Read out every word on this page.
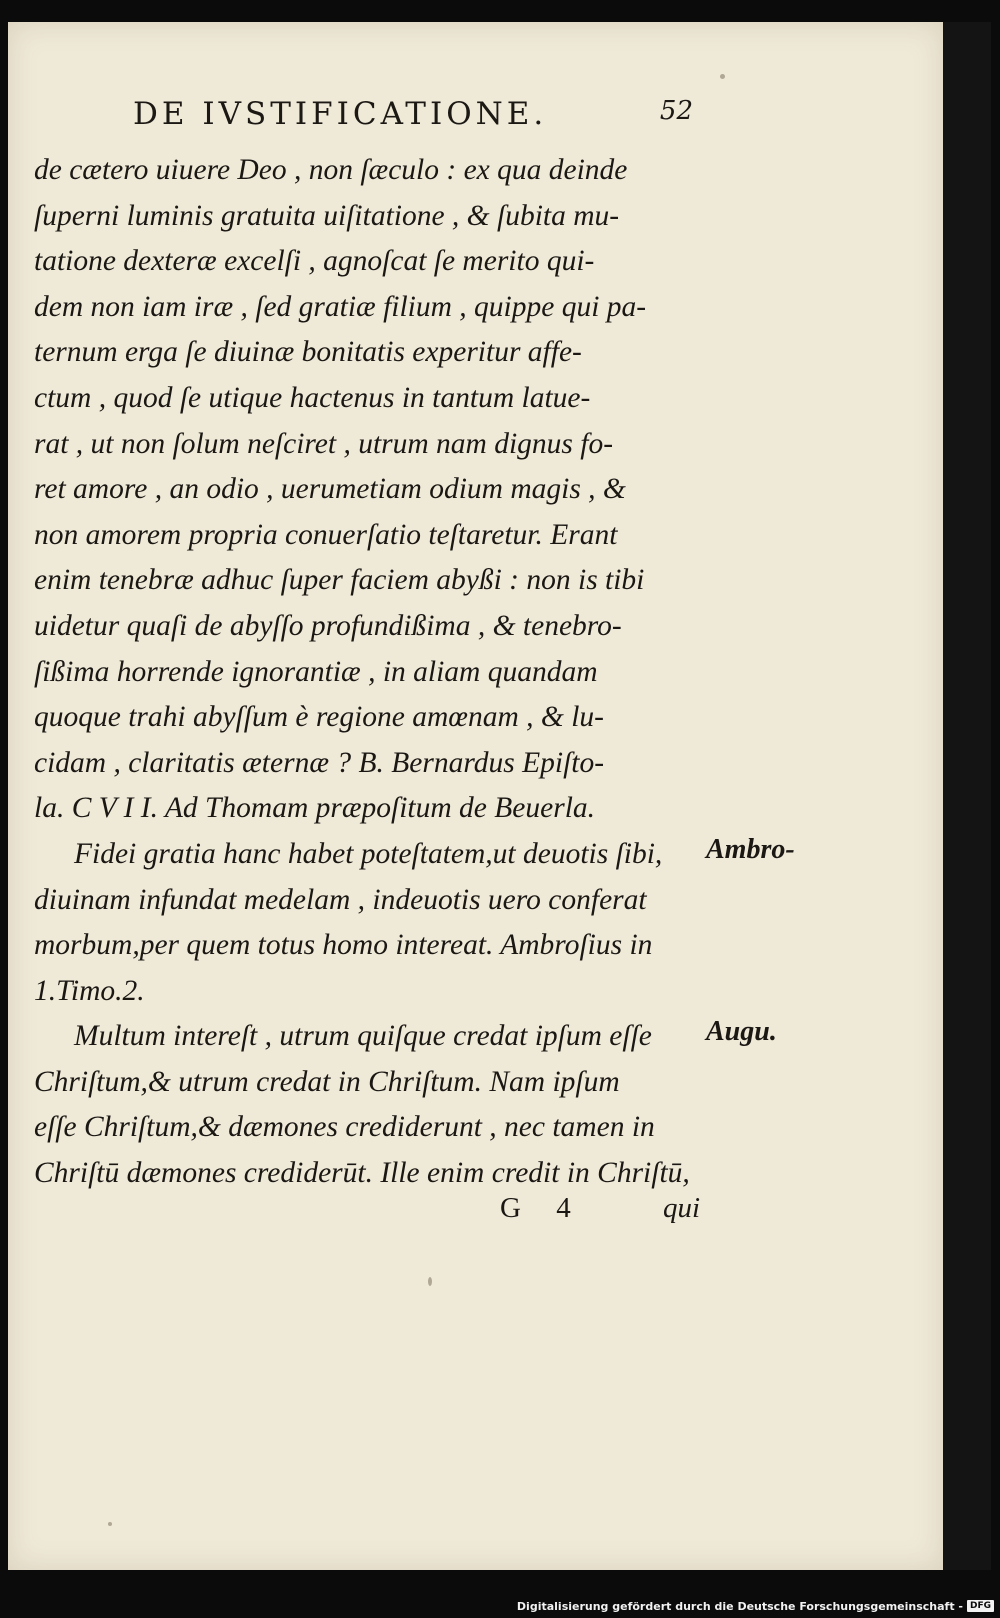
DE IVSTIFICATIONE.	52
de cætero uiuere Deo , non ſæculo : ex qua deinde
ſuperni luminis gratuita uiſitatione , & ſubita mu-
tatione dexteræ excelſi , agnoſcat ſe merito qui-
dem non iam iræ , ſed gratiæ filium , quippe qui pa-
ternum erga ſe diuinæ bonitatis experitur affe-
ctum , quod ſe utique hactenus in tantum latue-
rat , ut non ſolum neſciret , utrum nam dignus fo-
ret amore , an odio , uerumetiam odium magis , &
non amorem propria conuerſatio teſtaretur. Erant
enim tenebræ adhuc ſuper faciem abyßi : non is tibi
uidetur quaſi de abyſſo profundißima , & tenebro-
ſißima horrende ignorantiæ , in aliam quandam
quoque trahi abyſſum è regione amœnam , & lu-
cidam , claritatis æternæ ? B. Bernardus Epiſto-
la. C V I I. Ad Thomam præpoſitum de Beuerla.
Fidei gratia hanc habet poteſtatem,ut deuotis ſibi,
diuinam infundat medelam , indeuotis uero conferat
morbum,per quem totus homo intereat. Ambroſius in
1.Timo.2.
Multum intereſt , utrum quiſque credat ipſum eſſe
Chriſtum,& utrum credat in Chriſtum. Nam ipſum
eſſe Chriſtum,& dæmones crediderunt , nec tamen in
Chriſtū dæmones crediderūt. Ille enim credit in Chriſtū,
Ambro-
Augu.
G 4	qui
Digitalisierung gefördert durch die Deutsche Forschungsgemeinschaft - DFG
